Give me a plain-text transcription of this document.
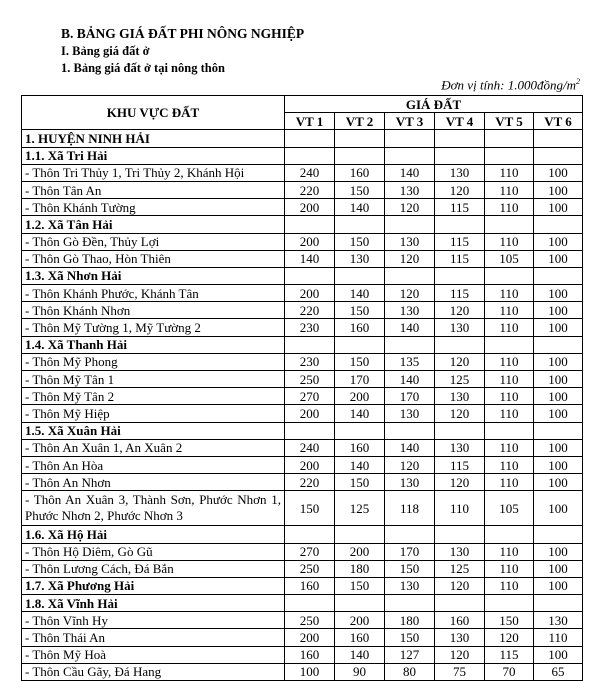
B. BẢNG GIÁ ĐẤT PHI NÔNG NGHIỆP
I. Bảng giá đất ở
1. Bảng giá đất ở tại nông thôn
Đơn vị tính: $1.000đồng/m^2$
KHU VỰC ĐẤT	GIÁ ĐẤT					
	VT 1	VT 2	VT 3	VT 4	VT 5	VT 6
1. HUYỆN NINH HẢI						
1.1. Xã Tri Hải						
- Thôn Tri Thủy 1, Tri Thủy 2, Khánh Hội	240	160	140	130	110	100
- Thôn Tân An	220	150	130	120	110	100
- Thôn Khánh Tường	200	140	120	115	110	100
1.2. Xã Tân Hải						
- Thôn Gò Đền, Thủy Lợi	200	150	130	115	110	100
- Thôn Gò Thao, Hòn Thiên	140	130	120	115	105	100
1.3. Xã Nhơn Hải						
- Thôn Khánh Phước, Khánh Tân	200	140	120	115	110	100
- Thôn Khánh Nhơn	220	150	130	120	110	100
- Thôn Mỹ Tường 1, Mỹ Tường 2	230	160	140	130	110	100
1.4. Xã Thanh Hải						
- Thôn Mỹ Phong	230	150	135	120	110	100
- Thôn Mỹ Tân 1	250	170	140	125	110	100
- Thôn Mỹ Tân 2	270	200	170	130	110	100
- Thôn Mỹ Hiệp	200	140	130	120	110	100
1.5. Xã Xuân Hải						
- Thôn An Xuân 1, An Xuân 2	240	160	140	130	110	100
- Thôn An Hòa	200	140	120	115	110	100
- Thôn An Nhơn	220	150	130	120	110	100
- Thôn An Xuân 3, Thành Sơn, Phước Nhơn 1, Phước Nhơn 2, Phước Nhơn 3	150	125	118	110	105	100
1.6. Xã Hộ Hải						
- Thôn Hộ Diêm, Gò Gũ	270	200	170	130	110	100
- Thôn Lương Cách, Đá Bắn	250	180	150	125	110	100
1.7. Xã Phương Hải	160	150	130	120	110	100
1.8. Xã Vĩnh Hải						
- Thôn Vĩnh Hy	250	200	180	160	150	130
- Thôn Thái An	200	160	150	130	120	110
- Thôn Mỹ Hoà	160	140	127	120	115	100
- Thôn Cầu Gãy, Đá Hang	100	90	80	75	70	65
